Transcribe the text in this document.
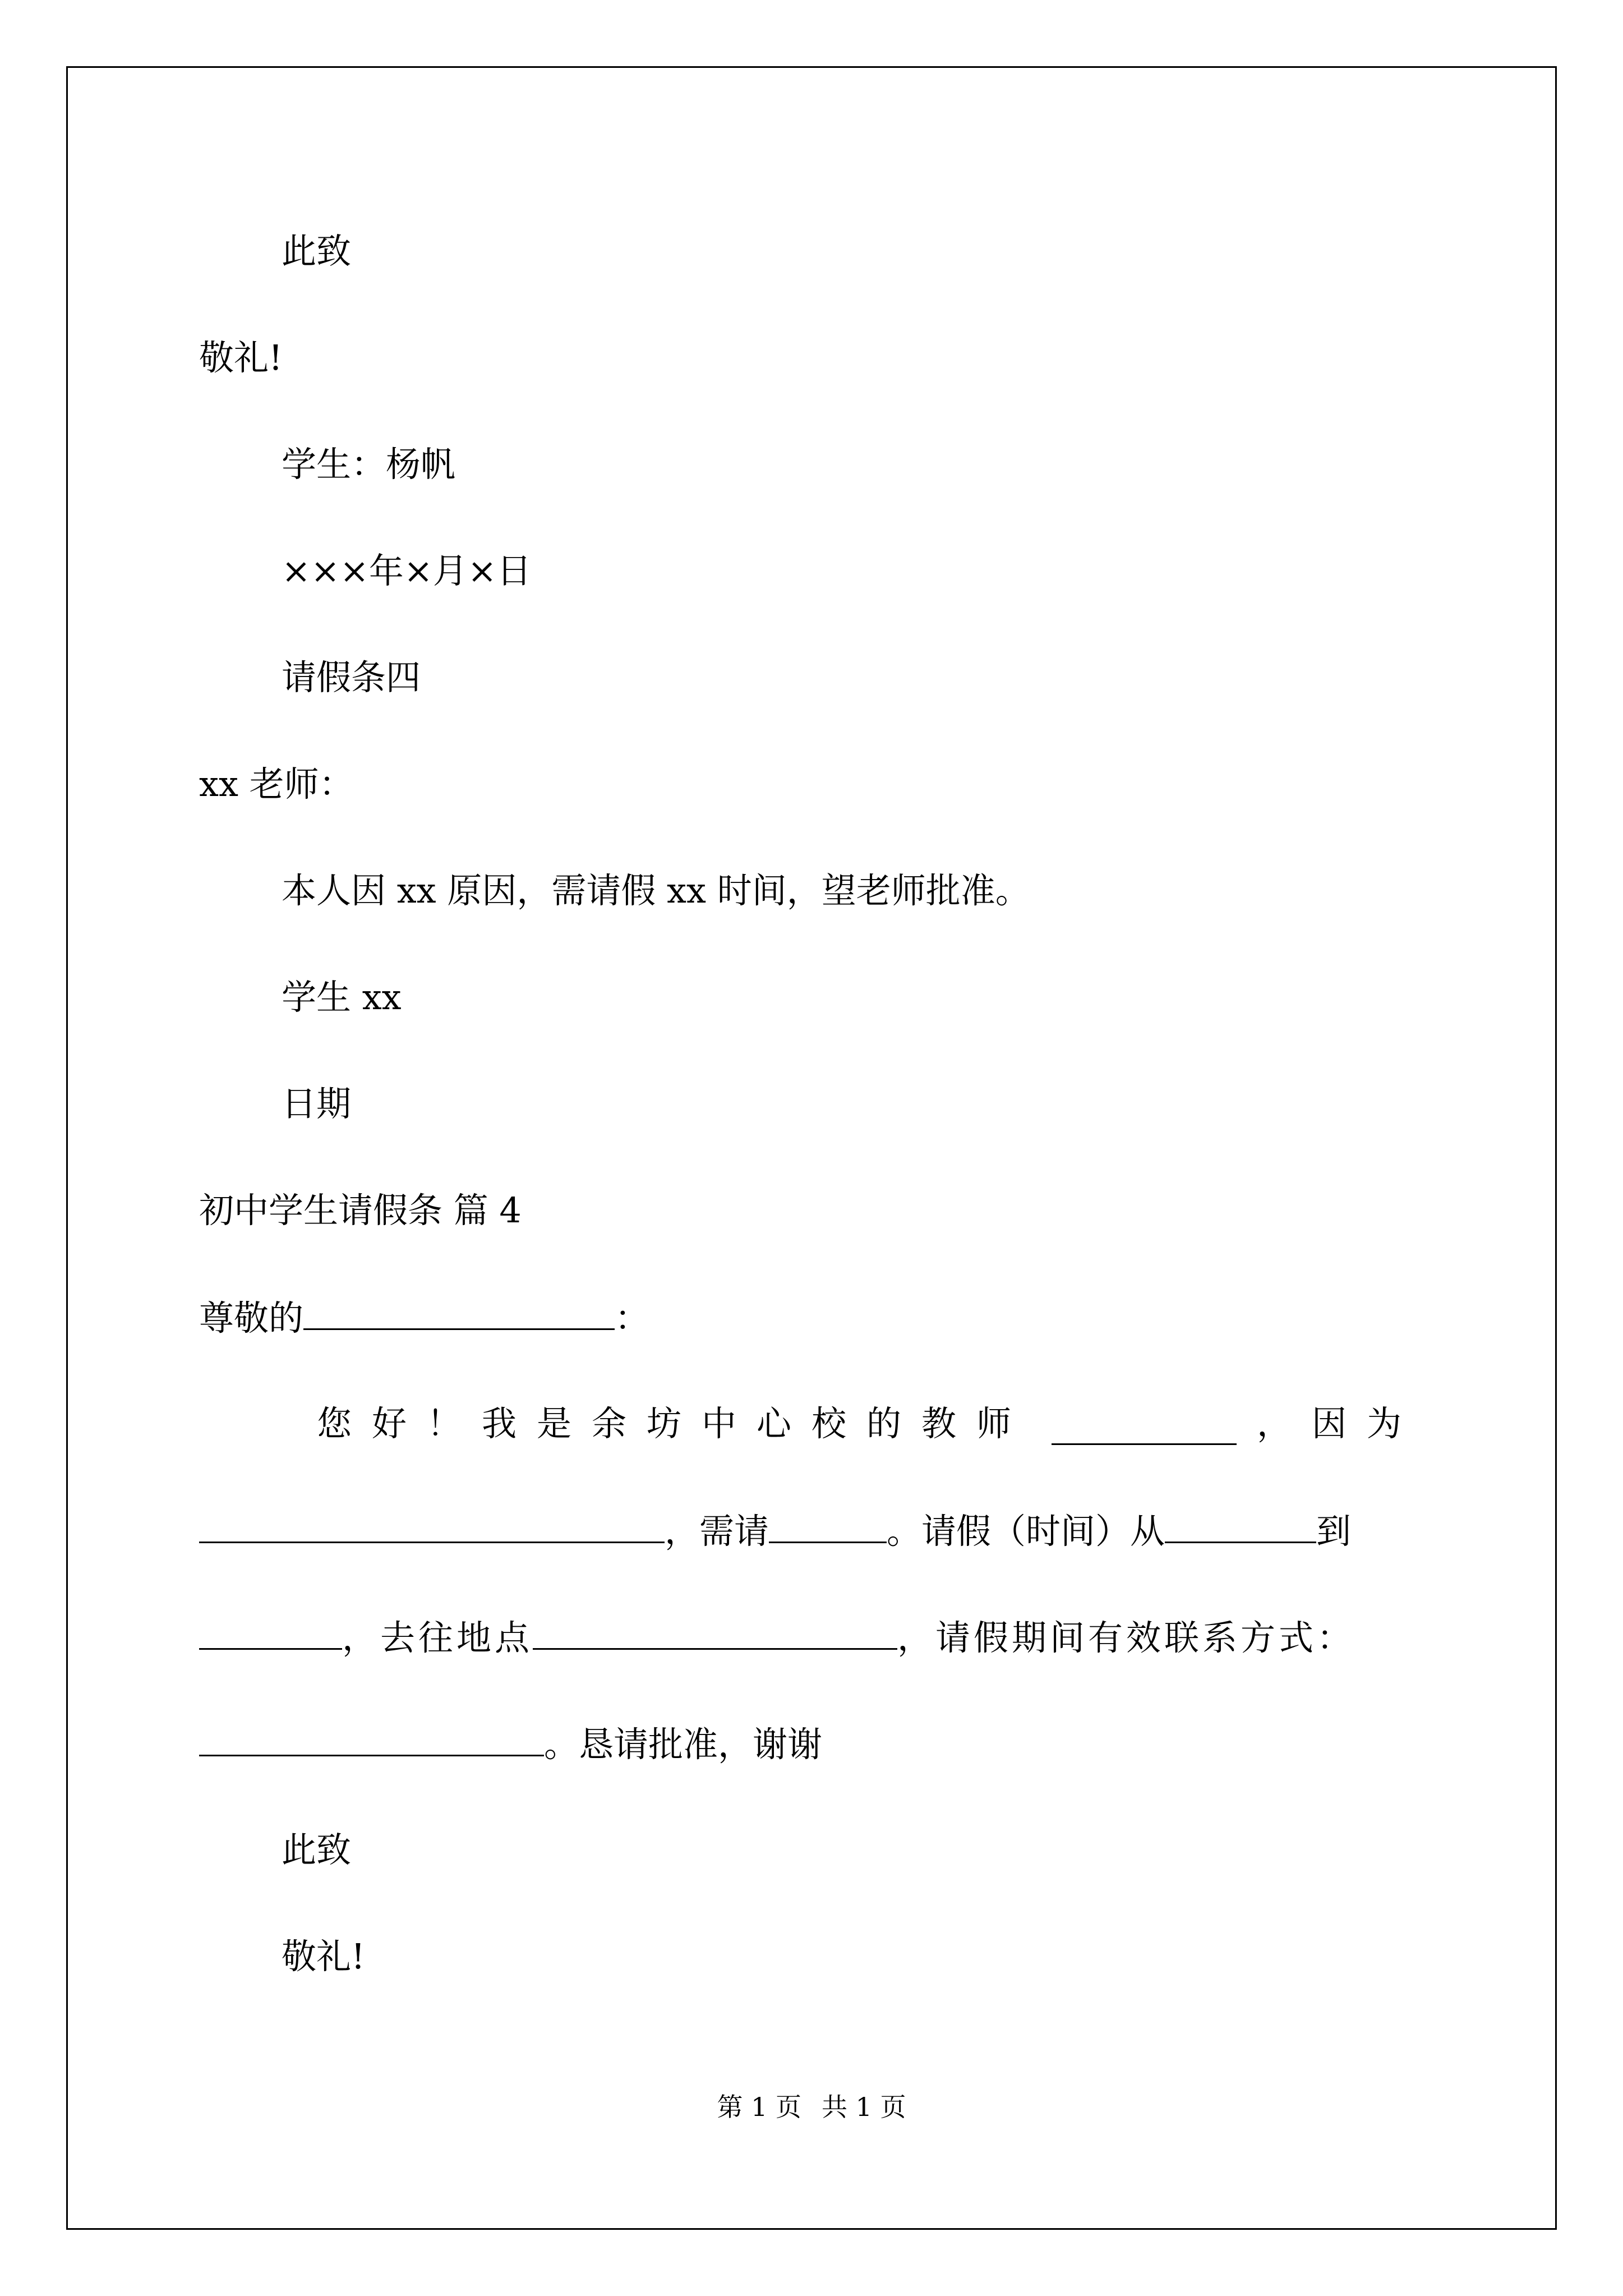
此致
敬礼!
学生：杨帆
×××年×月×日
请假条四
xx 老师：
本人因 xx 原因，需请假 xx 时间，望老师批准。
学生 xx
日期
初中学生请假条 篇 4
尊敬的	：
您好！我是余坊中心校的教师	， 因为
，需请	。请假（时间）从	到
，去往地点	，请假期间有效联系方式：
。恳请批准，谢谢
此致
敬礼!
第 1 页 共 1 页
